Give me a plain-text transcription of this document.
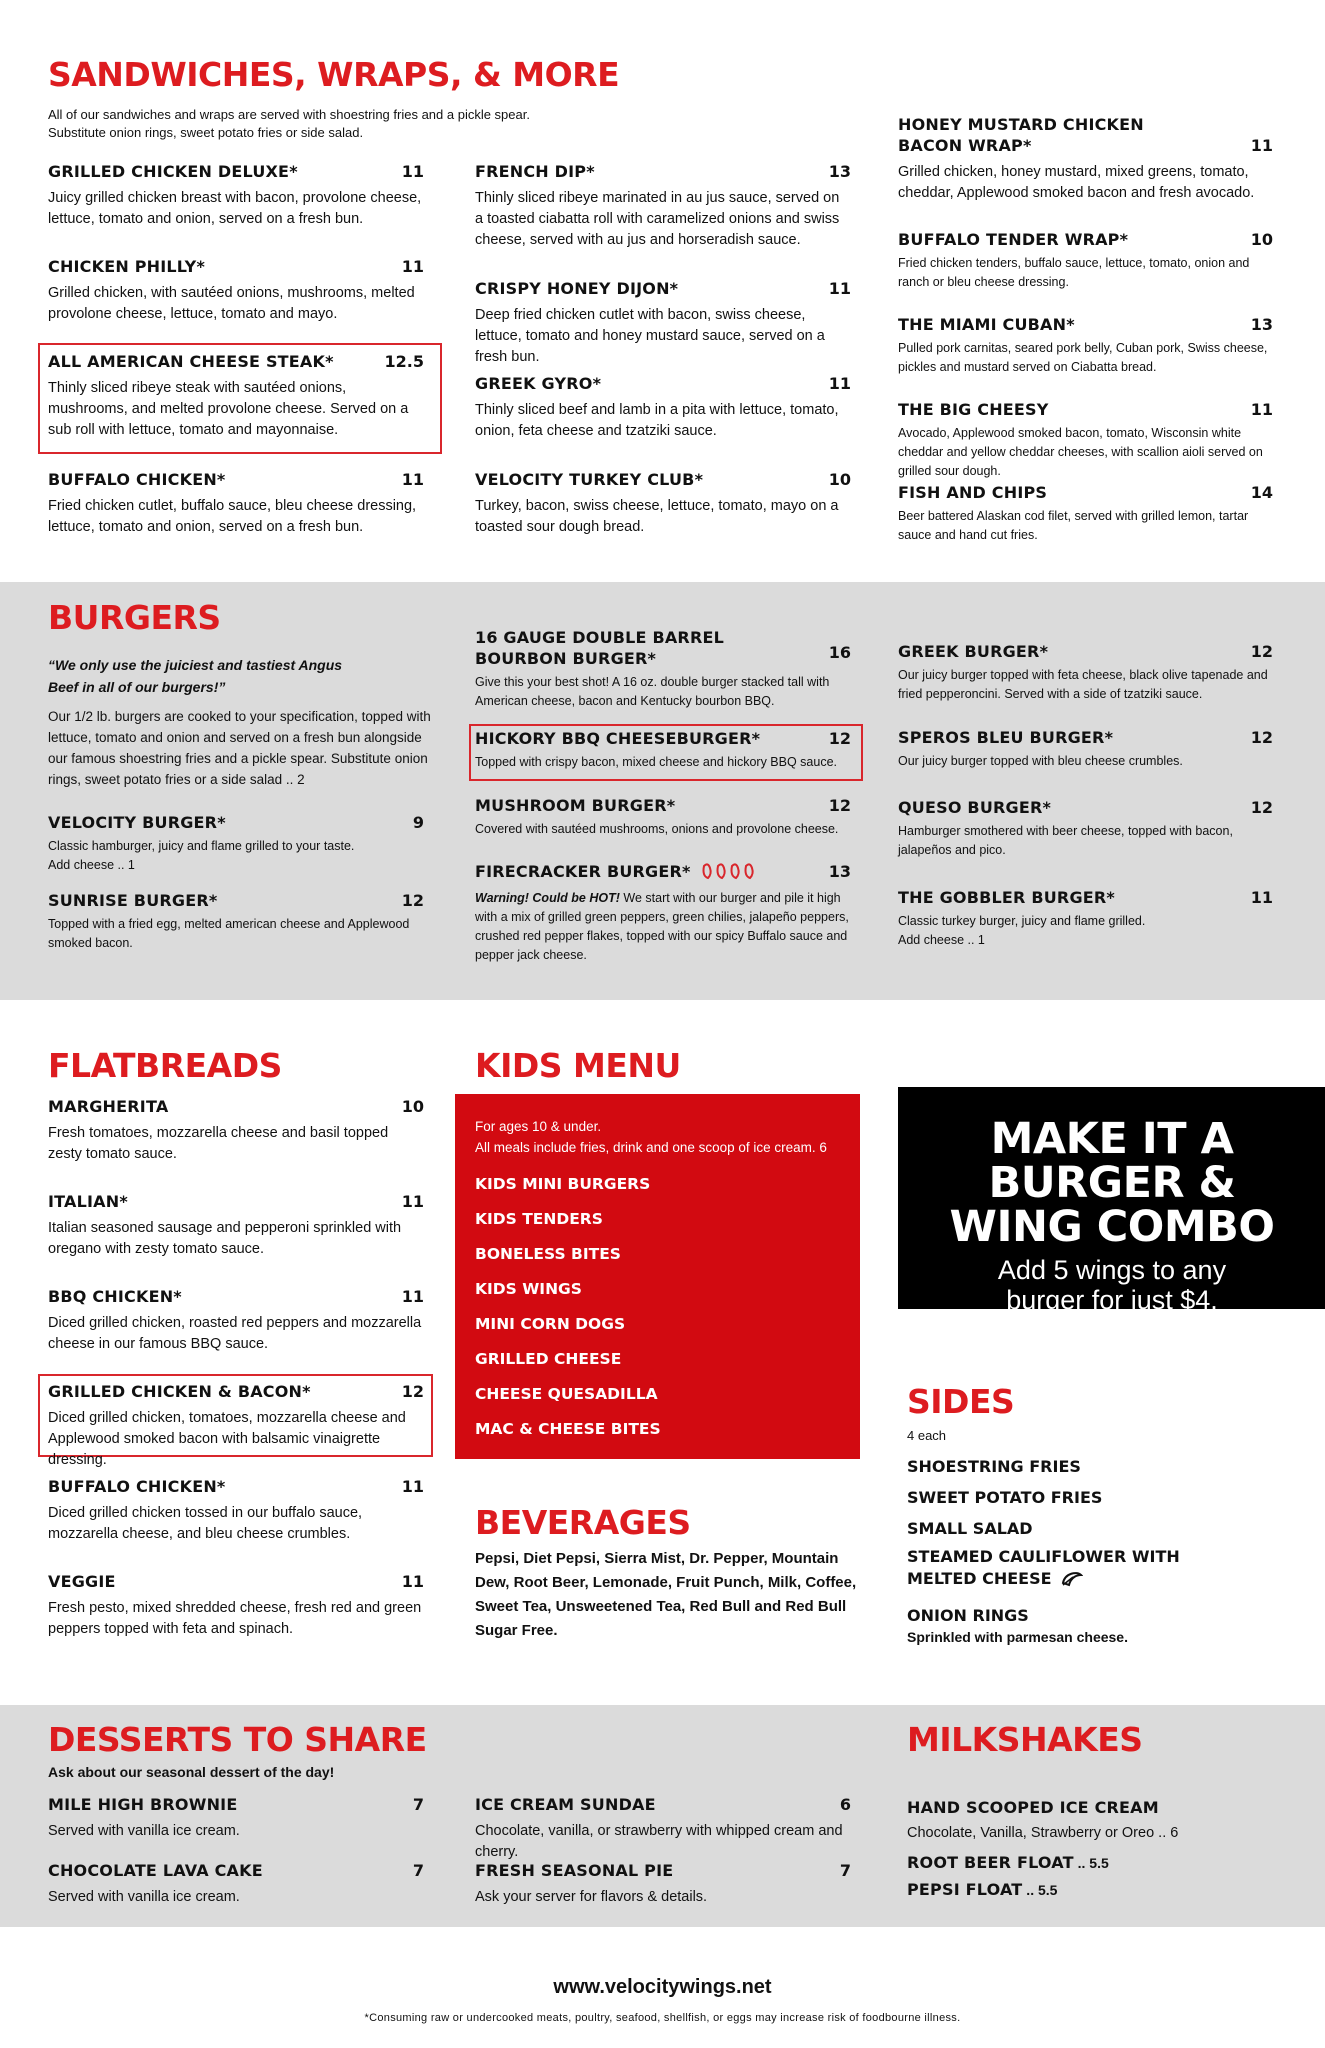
SANDWICHES, WRAPS, & MORE
All of our sandwiches and wraps are served with shoestring fries and a pickle spear.
Substitute onion rings, sweet potato fries or side salad.
GRILLED CHICKEN DELUXE*	11
Juicy grilled chicken breast with bacon, provolone cheese, lettuce, tomato and onion, served on a fresh bun.
CHICKEN PHILLY*	11
Grilled chicken, with sautéed onions, mushrooms, melted provolone cheese, lettuce, tomato and mayo.
ALL AMERICAN CHEESE STEAK*	12.5
Thinly sliced ribeye steak with sautéed onions, mushrooms, and melted provolone cheese. Served on a sub roll with lettuce, tomato and mayonnaise.
BUFFALO CHICKEN*	11
Fried chicken cutlet, buffalo sauce, bleu cheese dressing, lettuce, tomato and onion, served on a fresh bun.
FRENCH DIP*	13
Thinly sliced ribeye marinated in au jus sauce, served on a toasted ciabatta roll with caramelized onions and swiss cheese, served with au jus and horseradish sauce.
CRISPY HONEY DIJON*	11
Deep fried chicken cutlet with bacon, swiss cheese, lettuce, tomato and honey mustard sauce, served on a fresh bun.
GREEK GYRO*	11
Thinly sliced beef and lamb in a pita with lettuce, tomato, onion, feta cheese and tzatziki sauce.
VELOCITY TURKEY CLUB*	10
Turkey, bacon, swiss cheese, lettuce, tomato, mayo on a toasted sour dough bread.
HONEY MUSTARD CHICKEN BACON WRAP*	11
Grilled chicken, honey mustard, mixed greens, tomato, cheddar, Applewood smoked bacon and fresh avocado.
BUFFALO TENDER WRAP*	10
Fried chicken tenders, buffalo sauce, lettuce, tomato, onion and ranch or bleu cheese dressing.
THE MIAMI CUBAN*	13
Pulled pork carnitas, seared pork belly, Cuban pork, Swiss cheese, pickles and mustard served on Ciabatta bread.
THE BIG CHEESY	11
Avocado, Applewood smoked bacon, tomato, Wisconsin white cheddar and yellow cheddar cheeses, with scallion aioli served on grilled sour dough.
FISH AND CHIPS	14
Beer battered Alaskan cod filet, served with grilled lemon, tartar sauce and hand cut fries.
BURGERS
“We only use the juiciest and tastiest Angus Beef in all of our burgers!”
Our 1/2 lb. burgers are cooked to your specification, topped with lettuce, tomato and onion and served on a fresh bun alongside our famous shoestring fries and a pickle spear. Substitute onion rings, sweet potato fries or a side salad .. 2
VELOCITY BURGER*	9
Classic hamburger, juicy and flame grilled to your taste.
Add cheese .. 1
SUNRISE BURGER*	12
Topped with a fried egg, melted american cheese and Applewood smoked bacon.
16 GAUGE DOUBLE BARREL BOURBON BURGER*	16
Give this your best shot! A 16 oz. double burger stacked tall with American cheese, bacon and Kentucky bourbon BBQ.
HICKORY BBQ CHEESEBURGER*	12
Topped with crispy bacon, mixed cheese and hickory BBQ sauce.
MUSHROOM BURGER*	12
Covered with sautéed mushrooms, onions and provolone cheese.
FIRECRACKER BURGER*	13
Warning! Could be HOT! We start with our burger and pile it high with a mix of grilled green peppers, green chilies, jalapeño peppers, crushed red pepper flakes, topped with our spicy Buffalo sauce and pepper jack cheese.
GREEK BURGER*	12
Our juicy burger topped with feta cheese, black olive tapenade and fried pepperoncini. Served with a side of tzatziki sauce.
SPEROS BLEU BURGER*	12
Our juicy burger topped with bleu cheese crumbles.
QUESO BURGER*	12
Hamburger smothered with beer cheese, topped with bacon, jalapeños and pico.
THE GOBBLER BURGER*	11
Classic turkey burger, juicy and flame grilled.
Add cheese .. 1
FLATBREADS
MARGHERITA	10
Fresh tomatoes, mozzarella cheese and basil topped zesty tomato sauce.
ITALIAN*	11
Italian seasoned sausage and pepperoni sprinkled with oregano with zesty tomato sauce.
BBQ CHICKEN*	11
Diced grilled chicken, roasted red peppers and mozzarella cheese in our famous BBQ sauce.
GRILLED CHICKEN & BACON*	12
Diced grilled chicken, tomatoes, mozzarella cheese and Applewood smoked bacon with balsamic vinaigrette dressing.
BUFFALO CHICKEN*	11
Diced grilled chicken tossed in our buffalo sauce, mozzarella cheese, and bleu cheese crumbles.
VEGGIE	11
Fresh pesto, mixed shredded cheese, fresh red and green peppers topped with feta and spinach.
KIDS MENU
For ages 10 & under.
All meals include fries, drink and one scoop of ice cream. 6
KIDS MINI BURGERS
KIDS TENDERS
BONELESS BITES
KIDS WINGS
MINI CORN DOGS
GRILLED CHEESE
CHEESE QUESADILLA
MAC & CHEESE BITES
MAKE IT A
BURGER &
WING COMBO
Add 5 wings to any
burger for just $4.
BEVERAGES
Pepsi, Diet Pepsi, Sierra Mist, Dr. Pepper, Mountain Dew, Root Beer, Lemonade, Fruit Punch, Milk, Coffee, Sweet Tea, Unsweetened Tea, Red Bull and Red Bull Sugar Free.
SIDES
4 each
SHOESTRING FRIES
SWEET POTATO FRIES
SMALL SALAD
STEAMED CAULIFLOWER WITH MELTED CHEESE
ONION RINGS
Sprinkled with parmesan cheese.
DESSERTS TO SHARE
Ask about our seasonal dessert of the day!
MILE HIGH BROWNIE	7
Served with vanilla ice cream.
CHOCOLATE LAVA CAKE	7
Served with vanilla ice cream.
ICE CREAM SUNDAE	6
Chocolate, vanilla, or strawberry with whipped cream and cherry.
FRESH SEASONAL PIE	7
Ask your server for flavors & details.
MILKSHAKES
HAND SCOOPED ICE CREAM
Chocolate, Vanilla, Strawberry or Oreo .. 6
ROOT BEER FLOAT .. 5.5
PEPSI FLOAT .. 5.5
www.velocitywings.net
*Consuming raw or undercooked meats, poultry, seafood, shellfish, or eggs may increase risk of foodbourne illness.
